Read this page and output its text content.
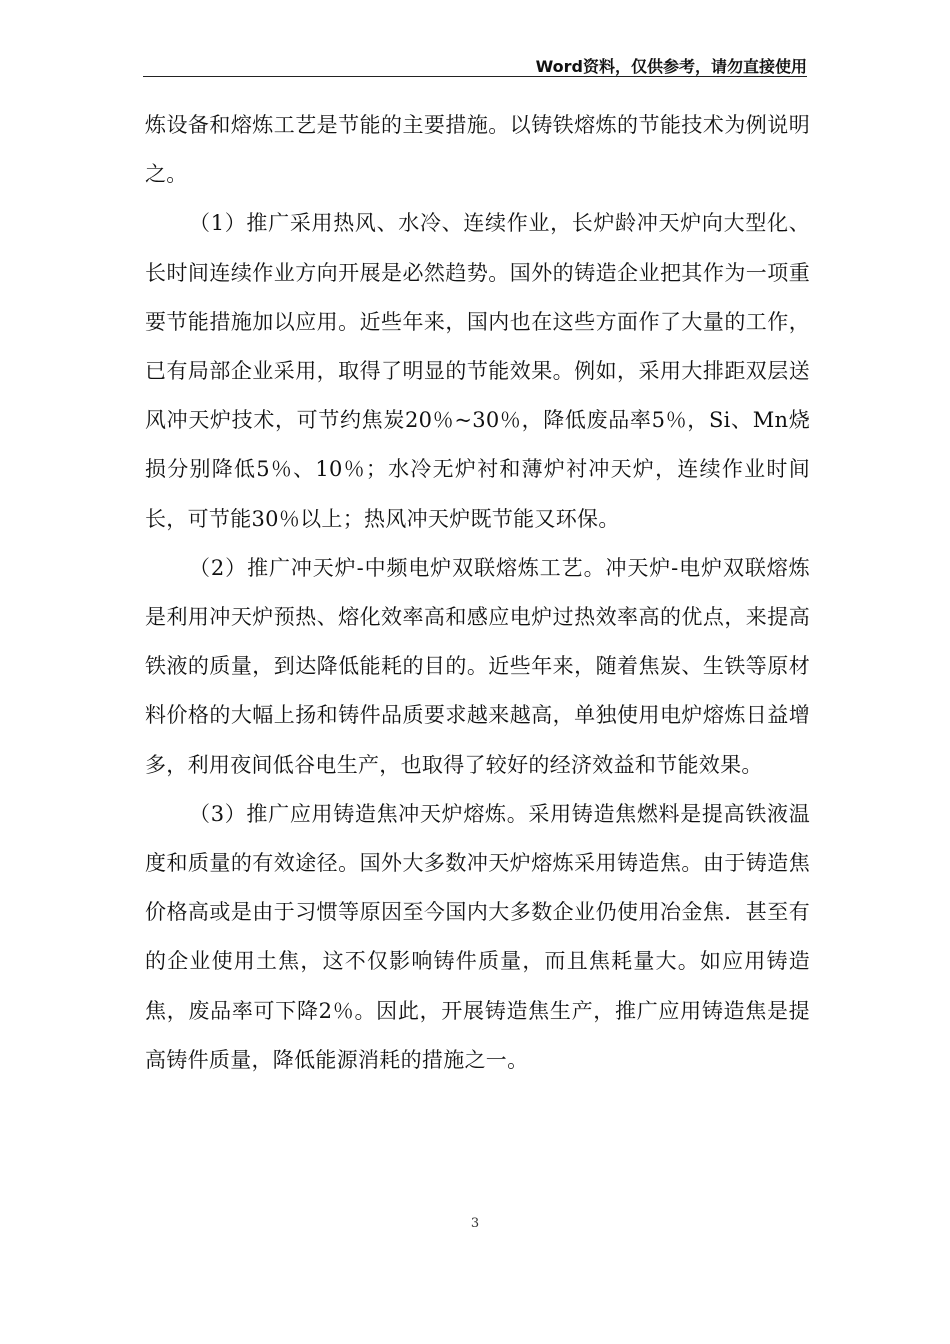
Word资料，仅供参考，请勿直接使用

炼设备和熔炼工艺是节能的主要措施。以铸铁熔炼的节能技术为例说明之。

（1）推广采用热风、水冷、连续作业，长炉龄冲天炉向大型化、长时间连续作业方向开展是必然趋势。国外的铸造企业把其作为一项重要节能措施加以应用。近些年来，国内也在这些方面作了大量的工作，已有局部企业采用，取得了明显的节能效果。例如，采用大排距双层送风冲天炉技术，可节约焦炭20％~30％，降低废品率5％，Si、Mn烧损分别降低5％、10％；水冷无炉衬和薄炉衬冲天炉，连续作业时间长，可节能30％以上；热风冲天炉既节能又环保。

（2）推广冲天炉-中频电炉双联熔炼工艺。冲天炉-电炉双联熔炼是利用冲天炉预热、熔化效率高和感应电炉过热效率高的优点，来提高铁液的质量，到达降低能耗的目的。近些年来，随着焦炭、生铁等原材料价格的大幅上扬和铸件品质要求越来越高，单独使用电炉熔炼日益增多，利用夜间低谷电生产，也取得了较好的经济效益和节能效果。

（3）推广应用铸造焦冲天炉熔炼。采用铸造焦燃料是提高铁液温度和质量的有效途径。国外大多数冲天炉熔炼采用铸造焦。由于铸造焦价格高或是由于习惯等原因至今国内大多数企业仍使用冶金焦．甚至有的企业使用土焦，这不仅影响铸件质量，而且焦耗量大。如应用铸造焦，废品率可下降2％。因此，开展铸造焦生产，推广应用铸造焦是提高铸件质量，降低能源消耗的措施之一。

3
